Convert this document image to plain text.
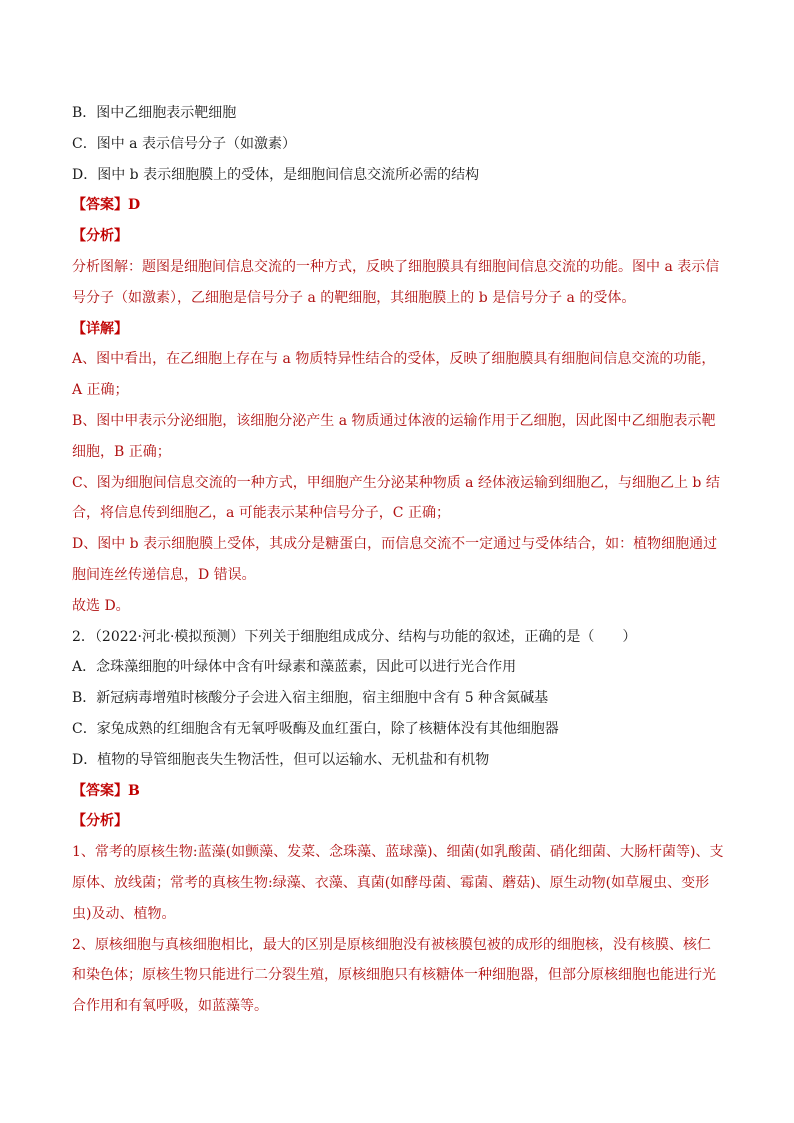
B．图中乙细胞表示靶细胞
C．图中 a 表示信号分子（如激素）
D．图中 b 表示细胞膜上的受体，是细胞间信息交流所必需的结构
【答案】D
【分析】
分析图解：题图是细胞间信息交流的一种方式，反映了细胞膜具有细胞间信息交流的功能。图中 a 表示信
号分子（如激素），乙细胞是信号分子 a 的靶细胞，其细胞膜上的 b 是信号分子 a 的受体。
【详解】
A、图中看出，在乙细胞上存在与 a 物质特异性结合的受体，反映了细胞膜具有细胞间信息交流的功能，
A 正确；
B、图中甲表示分泌细胞，该细胞分泌产生 a 物质通过体液的运输作用于乙细胞，因此图中乙细胞表示靶
细胞，B 正确；
C、图为细胞间信息交流的一种方式，甲细胞产生分泌某种物质 a 经体液运输到细胞乙，与细胞乙上 b 结
合，将信息传到细胞乙，a 可能表示某种信号分子，C 正确；
D、图中 b 表示细胞膜上受体，其成分是糖蛋白，而信息交流不一定通过与受体结合，如：植物细胞通过
胞间连丝传递信息，D 错误。
故选 D。
2．（2022·河北·模拟预测）下列关于细胞组成成分、结构与功能的叙述，正确的是（　　）
A．念珠藻细胞的叶绿体中含有叶绿素和藻蓝素，因此可以进行光合作用
B．新冠病毒增殖时核酸分子会进入宿主细胞，宿主细胞中含有 5 种含氮碱基
C．家兔成熟的红细胞含有无氧呼吸酶及血红蛋白，除了核糖体没有其他细胞器
D．植物的导管细胞丧失生物活性，但可以运输水、无机盐和有机物
【答案】B
【分析】
1、常考的原核生物:蓝藻(如颤藻、发菜、念珠藻、蓝球藻)、细菌(如乳酸菌、硝化细菌、大肠杆菌等)、支
原体、放线菌；常考的真核生物:绿藻、衣藻、真菌(如酵母菌、霉菌、蘑菇)、原生动物(如草履虫、变形
虫)及动、植物。
2、原核细胞与真核细胞相比，最大的区别是原核细胞没有被核膜包被的成形的细胞核，没有核膜、核仁
和染色体；原核生物只能进行二分裂生殖，原核细胞只有核糖体一种细胞器，但部分原核细胞也能进行光
合作用和有氧呼吸，如蓝藻等。
